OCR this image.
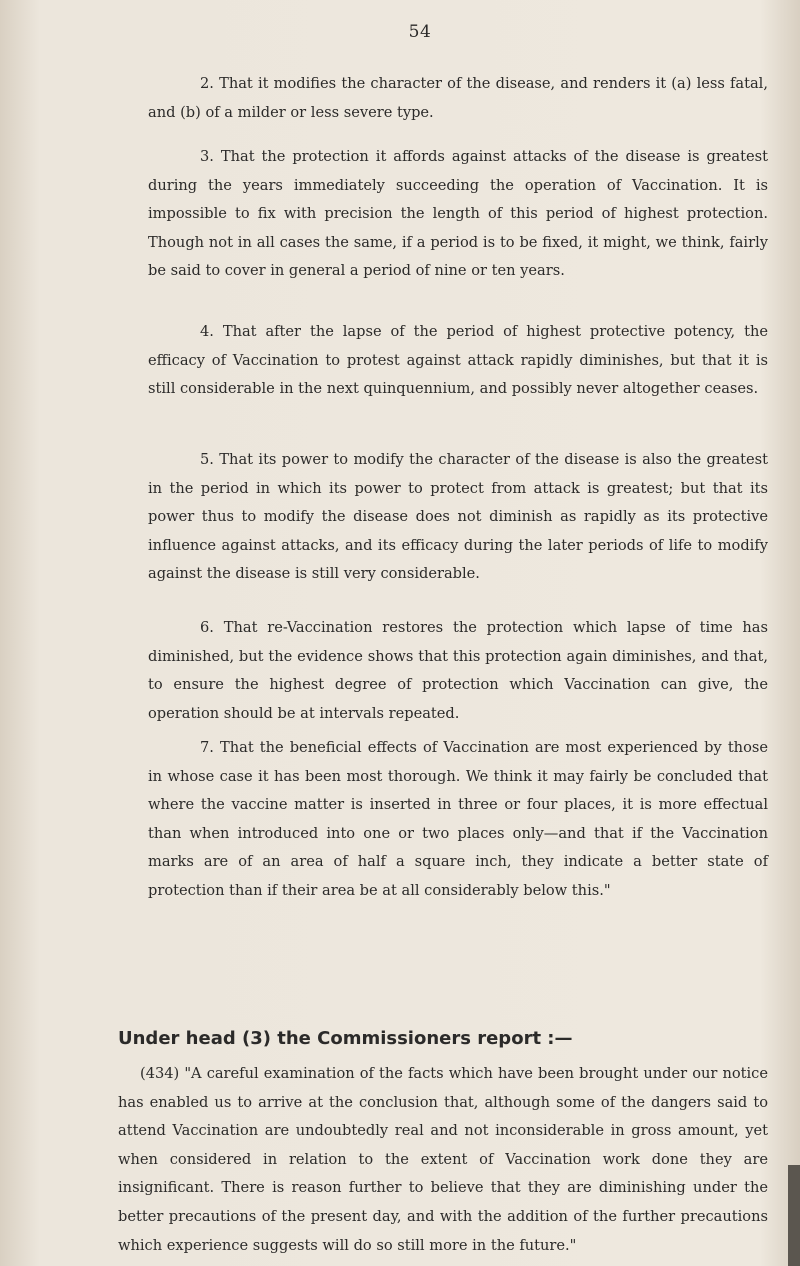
54

2. That it modifies the character of the disease, and renders it (a) less fatal, and (b) of a milder or less severe type.

3. That the protection it affords against attacks of the disease is greatest during the years immediately succeeding the operation of Vaccination. It is impossible to fix with precision the length of this period of highest protection. Though not in all cases the same, if a period is to be fixed, it might, we think, fairly be said to cover in general a period of nine or ten years.

4. That after the lapse of the period of highest protective potency, the efficacy of Vaccination to protest against attack rapidly diminishes, but that it is still considerable in the next quinquennium, and possibly never altogether ceases.

5. That its power to modify the character of the disease is also the greatest in the period in which its power to protect from attack is greatest; but that its power thus to modify the disease does not diminish as rapidly as its protective influence against attacks, and its efficacy during the later periods of life to modify against the disease is still very considerable.

6. That re-Vaccination restores the protection which lapse of time has diminished, but the evidence shows that this protection again diminishes, and that, to ensure the highest degree of protection which Vaccination can give, the operation should be at intervals repeated.

7. That the beneficial effects of Vaccination are most experienced by those in whose case it has been most thorough. We think it may fairly be concluded that where the vaccine matter is inserted in three or four places, it is more effectual than when introduced into one or two places only—and that if the Vaccination marks are of an area of half a square inch, they indicate a better state of protection than if their area be at all considerably below this."

Under head (3) the Commissioners report :—

(434) "A careful examination of the facts which have been brought under our notice has enabled us to arrive at the conclusion that, although some of the dangers said to attend Vaccination are undoubtedly real and not inconsiderable in gross amount, yet when considered in relation to the extent of Vaccination work done they are insignificant. There is reason further to believe that they are diminishing under the better precautions of the present day, and with the addition of the further precautions which experience suggests will do so still more in the future."
